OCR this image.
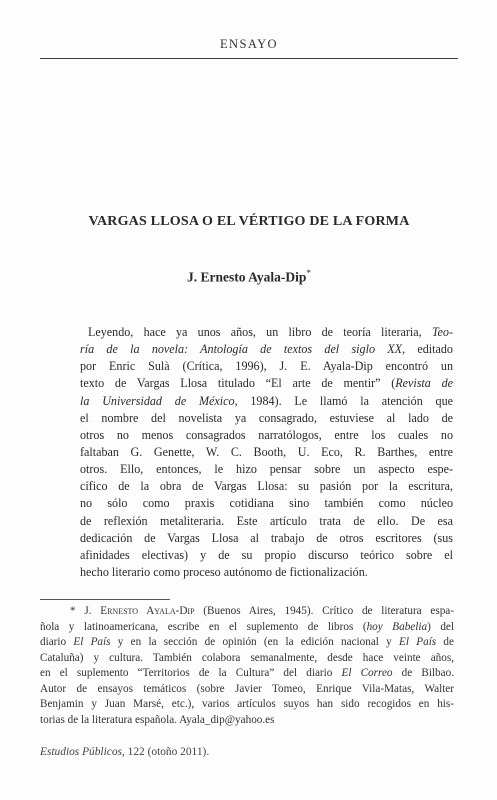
ENSAYO
VARGAS LLOSA O EL VÉRTIGO DE LA FORMA
J. Ernesto Ayala-Dip*
Leyendo, hace ya unos años, un libro de teoría literaria, Teo-
ría de la novela: Antología de textos del siglo XX, editado
por Enric Sulà (Crítica, 1996), J. E. Ayala-Dip encontró un
texto de Vargas Llosa titulado “El arte de mentir” (Revista de
la Universidad de México, 1984). Le llamó la atención que
el nombre del novelista ya consagrado, estuviese al lado de
otros no menos consagrados narratólogos, entre los cuales no
faltaban G. Genette, W. C. Booth, U. Eco, R. Barthes, entre
otros. Ello, entonces, le hizo pensar sobre un aspecto espe-
cífico de la obra de Vargas Llosa: su pasión por la escritura,
no sólo como praxis cotidiana sino también como núcleo
de reflexión metaliteraria. Este artículo trata de ello. De esa
dedicación de Vargas Llosa al trabajo de otros escritores (sus
afinidades electivas) y de su propio discurso teórico sobre el
hecho literario como proceso autónomo de fictionalización.
* J. Ernesto Ayala-Dip (Buenos Aires, 1945). Crítico de literatura espa-
ñola y latinoamericana, escribe en el suplemento de libros (hoy Babelia) del
diario El País y en la sección de opinión (en la edición nacional y El País de
Cataluña) y cultura. También colabora semanalmente, desde hace veinte años,
en el suplemento “Territorios de la Cultura” del diario El Correo de Bilbao.
Autor de ensayos temáticos (sobre Javier Tomeo, Enrique Vila-Matas, Walter
Benjamin y Juan Marsé, etc.), varios artículos suyos han sido recogidos en his-
torias de la literatura española. Ayala_dip@yahoo.es
Estudios Públicos, 122 (otoño 2011).
